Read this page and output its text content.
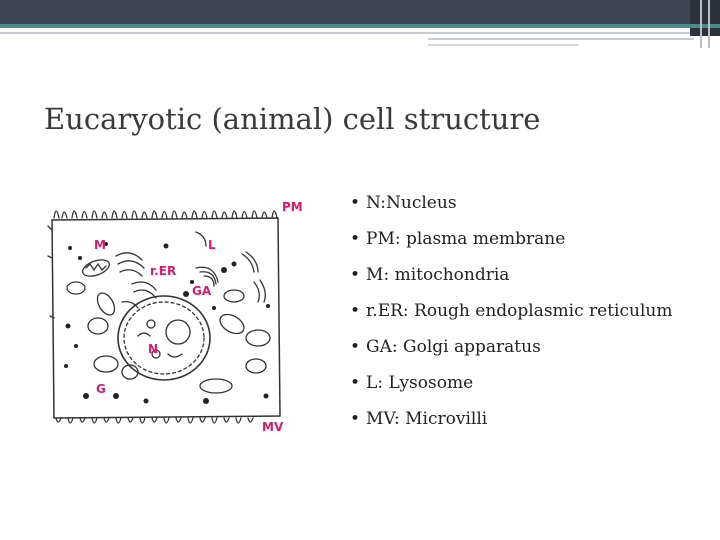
Eucaryotic (animal) cell structure
PM
M	L
r.ER
GA
N
G
MV
• N:Nucleus
• PM: plasma membrane
• M: mitochondria
• r.ER: Rough endoplasmic reticulum
• GA: Golgi apparatus
• L: Lysosome
• MV: Microvilli
